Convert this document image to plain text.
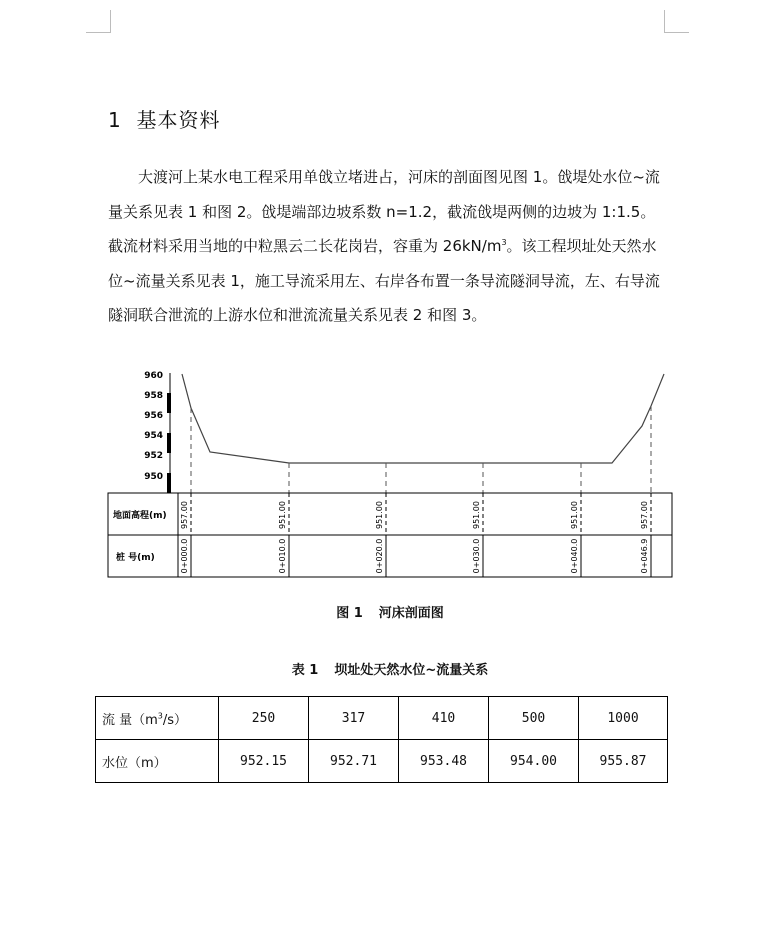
1 基本资料

大渡河上某水电工程采用单戗立堵进占，河床的剖面图见图 1。戗堤处水位~流量关系见表 1 和图 2。戗堤端部边坡系数 n=1.2，截流戗堤两侧的边坡为 1:1.5。截流材料采用当地的中粒黑云二长花岗岩，容重为 $26kN/m^3$。该工程坝址处天然水位~流量关系见表 1，施工导流采用左、右岸各布置一条导流隧洞导流，左、右导流隧洞联合泄流的上游水位和泄流流量关系见表 2 和图 3。

960
958
956
954
952
950
地面高程(m)
桩 号(m)
957.00	951.00	951.00	951.00	951.00	957.00
0+000.0	0+010.0	0+020.0	0+030.0	0+040.0	0+046.9

图 1 河床剖面图

表 1 坝址处天然水位~流量关系

流 量$(m^3/s)$	250	317	410	500	1000
水位（m）	952.15	952.71	953.48	954.00	955.87
